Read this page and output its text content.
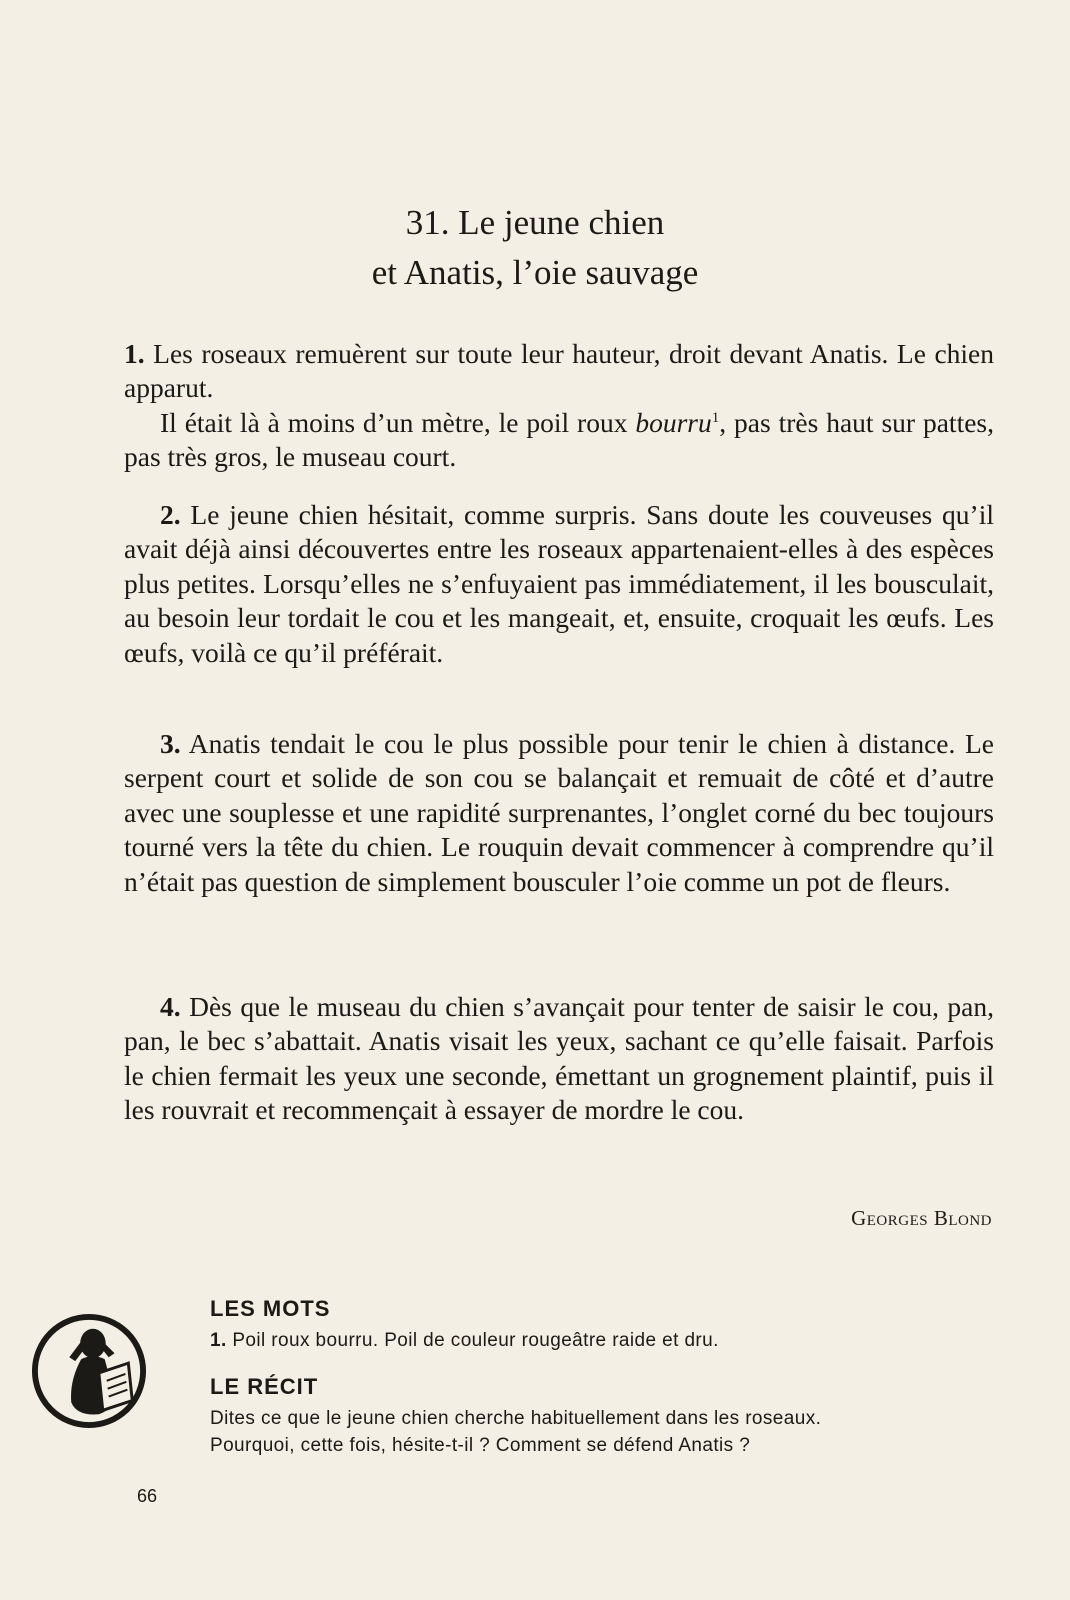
31. Le jeune chien
et Anatis, l’oie sauvage

1. Les roseaux remuèrent sur toute leur hauteur, droit devant Anatis. Le chien apparut.

Il était là à moins d’un mètre, le poil roux bourru$^1$, pas très haut sur pattes, pas très gros, le museau court.

2. Le jeune chien hésitait, comme surpris. Sans doute les couveuses qu’il avait déjà ainsi découvertes entre les roseaux appartenaient-elles à des espèces plus petites. Lorsqu’elles ne s’enfuyaient pas immédiatement, il les bousculait, au besoin leur tordait le cou et les mangeait, et, ensuite, croquait les œufs. Les œufs, voilà ce qu’il préférait.

3. Anatis tendait le cou le plus possible pour tenir le chien à distance. Le serpent court et solide de son cou se balançait et remuait de côté et d’autre avec une souplesse et une rapidité surprenantes, l’onglet corné du bec toujours tourné vers la tête du chien. Le rouquin devait commencer à comprendre qu’il n’était pas question de simplement bousculer l’oie comme un pot de fleurs.

4. Dès que le museau du chien s’avançait pour tenter de saisir le cou, pan, pan, le bec s’abattait. Anatis visait les yeux, sachant ce qu’elle faisait. Parfois le chien fermait les yeux une seconde, émettant un grognement plaintif, puis il les rouvrait et recommençait à essayer de mordre le cou.

Georges Blond
LES MOTS
1. Poil roux bourru. Poil de couleur rougeâtre raide et dru.
LE RÉCIT
Dites ce que le jeune chien cherche habituellement dans les roseaux.
Pourquoi, cette fois, hésite-t-il ? Comment se défend Anatis ?
66
